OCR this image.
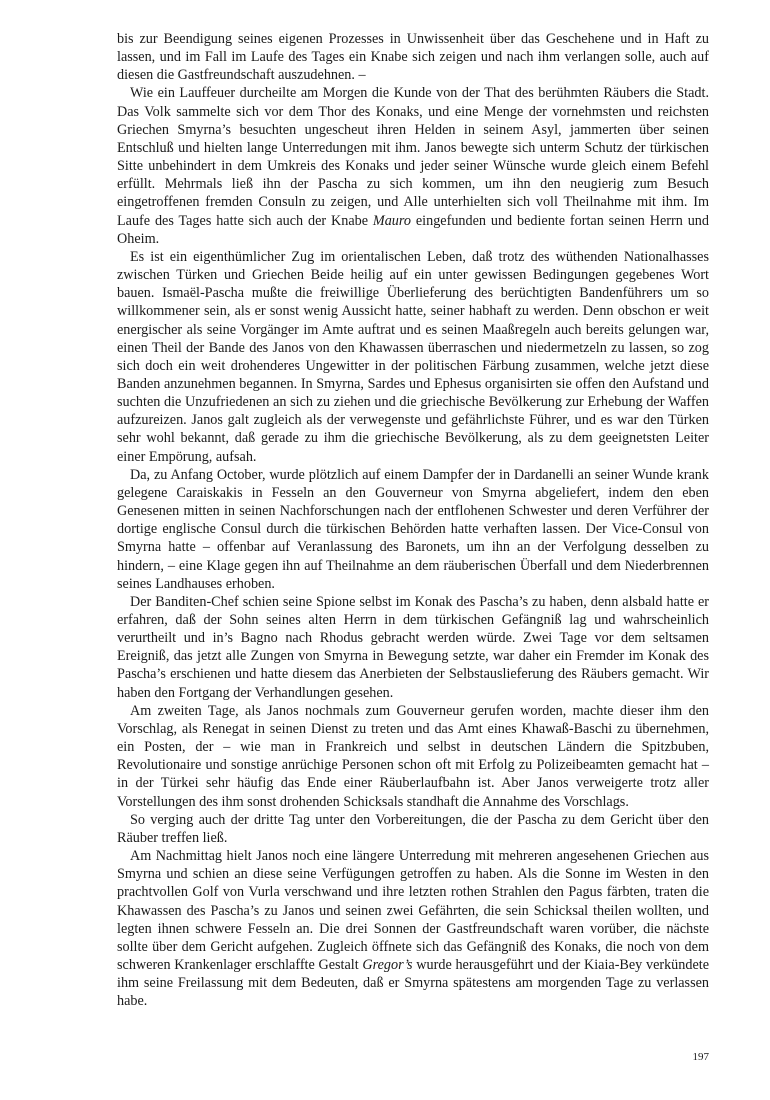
bis zur Beendigung seines eigenen Prozesses in Unwissenheit über das Geschehene und in Haft zu lassen, und im Fall im Laufe des Tages ein Knabe sich zeigen und nach ihm verlangen solle, auch auf diesen die Gastfreundschaft auszudehnen. –

Wie ein Lauffeuer durcheilte am Morgen die Kunde von der That des berühmten Räubers die Stadt. Das Volk sammelte sich vor dem Thor des Konaks, und eine Menge der vornehmsten und reichsten Griechen Smyrna’s besuchten ungescheut ihren Helden in seinem Asyl, jammerten über seinen Entschluß und hielten lange Unterredungen mit ihm. Janos bewegte sich unterm Schutz der türkischen Sitte unbehindert in dem Umkreis des Konaks und jeder seiner Wünsche wurde gleich einem Befehl erfüllt. Mehrmals ließ ihn der Pascha zu sich kommen, um ihn den neugierig zum Besuch eingetroffenen fremden Consuln zu zeigen, und Alle unterhielten sich voll Theilnahme mit ihm. Im Laufe des Tages hatte sich auch der Knabe Mauro eingefunden und bediente fortan seinen Herrn und Oheim.

Es ist ein eigenthümlicher Zug im orientalischen Leben, daß trotz des wüthenden Nationalhasses zwischen Türken und Griechen Beide heilig auf ein unter gewissen Bedingungen gegebenes Wort bauen. Ismaël-Pascha mußte die freiwillige Überlieferung des berüchtigten Bandenführers um so willkommener sein, als er sonst wenig Aussicht hatte, seiner habhaft zu werden. Denn obschon er weit energischer als seine Vorgänger im Amte auftrat und es seinen Maaßregeln auch bereits gelungen war, einen Theil der Bande des Janos von den Khawassen überraschen und niedermetzeln zu lassen, so zog sich doch ein weit drohenderes Ungewitter in der politischen Färbung zusammen, welche jetzt diese Banden anzunehmen begannen. In Smyrna, Sardes und Ephesus organisirten sie offen den Aufstand und suchten die Unzufriedenen an sich zu ziehen und die griechische Bevölkerung zur Erhebung der Waffen aufzureizen. Janos galt zugleich als der verwegenste und gefährlichste Führer, und es war den Türken sehr wohl bekannt, daß gerade zu ihm die griechische Bevölkerung, als zu dem geeignetsten Leiter einer Empörung, aufsah.

Da, zu Anfang October, wurde plötzlich auf einem Dampfer der in Dardanelli an seiner Wunde krank gelegene Caraiskakis in Fesseln an den Gouverneur von Smyrna abgeliefert, indem den eben Genesenen mitten in seinen Nachforschungen nach der entflohenen Schwester und deren Verführer der dortige englische Consul durch die türkischen Behörden hatte verhaften lassen. Der Vice-Consul von Smyrna hatte – offenbar auf Veranlassung des Baronets, um ihn an der Verfolgung desselben zu hindern, – eine Klage gegen ihn auf Theilnahme an dem räuberischen Überfall und dem Niederbrennen seines Landhauses erhoben.

Der Banditen-Chef schien seine Spione selbst im Konak des Pascha’s zu haben, denn alsbald hatte er erfahren, daß der Sohn seines alten Herrn in dem türkischen Gefängniß lag und wahrscheinlich verurtheilt und in’s Bagno nach Rhodus gebracht werden würde. Zwei Tage vor dem seltsamen Ereigniß, das jetzt alle Zungen von Smyrna in Bewegung setzte, war daher ein Fremder im Konak des Pascha’s erschienen und hatte diesem das Anerbieten der Selbstauslieferung des Räubers gemacht. Wir haben den Fortgang der Verhandlungen gesehen.

Am zweiten Tage, als Janos nochmals zum Gouverneur gerufen worden, machte dieser ihm den Vorschlag, als Renegat in seinen Dienst zu treten und das Amt eines Khawaß-Baschi zu übernehmen, ein Posten, der – wie man in Frankreich und selbst in deutschen Ländern die Spitzbuben, Revolutionaire und sonstige anrüchige Personen schon oft mit Erfolg zu Polizeibeamten gemacht hat – in der Türkei sehr häufig das Ende einer Räuberlaufbahn ist. Aber Janos verweigerte trotz aller Vorstellungen des ihm sonst drohenden Schicksals standhaft die Annahme des Vorschlags.

So verging auch der dritte Tag unter den Vorbereitungen, die der Pascha zu dem Gericht über den Räuber treffen ließ.

Am Nachmittag hielt Janos noch eine längere Unterredung mit mehreren angesehenen Griechen aus Smyrna und schien an diese seine Verfügungen getroffen zu haben. Als die Sonne im Westen in den prachtvollen Golf von Vurla verschwand und ihre letzten rothen Strahlen den Pagus färbten, traten die Khawassen des Pascha’s zu Janos und seinen zwei Gefährten, die sein Schicksal theilen wollten, und legten ihnen schwere Fesseln an. Die drei Sonnen der Gastfreundschaft waren vorüber, die nächste sollte über dem Gericht aufgehen. Zugleich öffnete sich das Gefängniß des Konaks, die noch von dem schweren Krankenlager erschlaffte Gestalt Gregor’s wurde herausgeführt und der Kiaia-Bey verkündete ihm seine Freilassung mit dem Bedeuten, daß er Smyrna spätestens am morgenden Tage zu verlassen habe.

197
